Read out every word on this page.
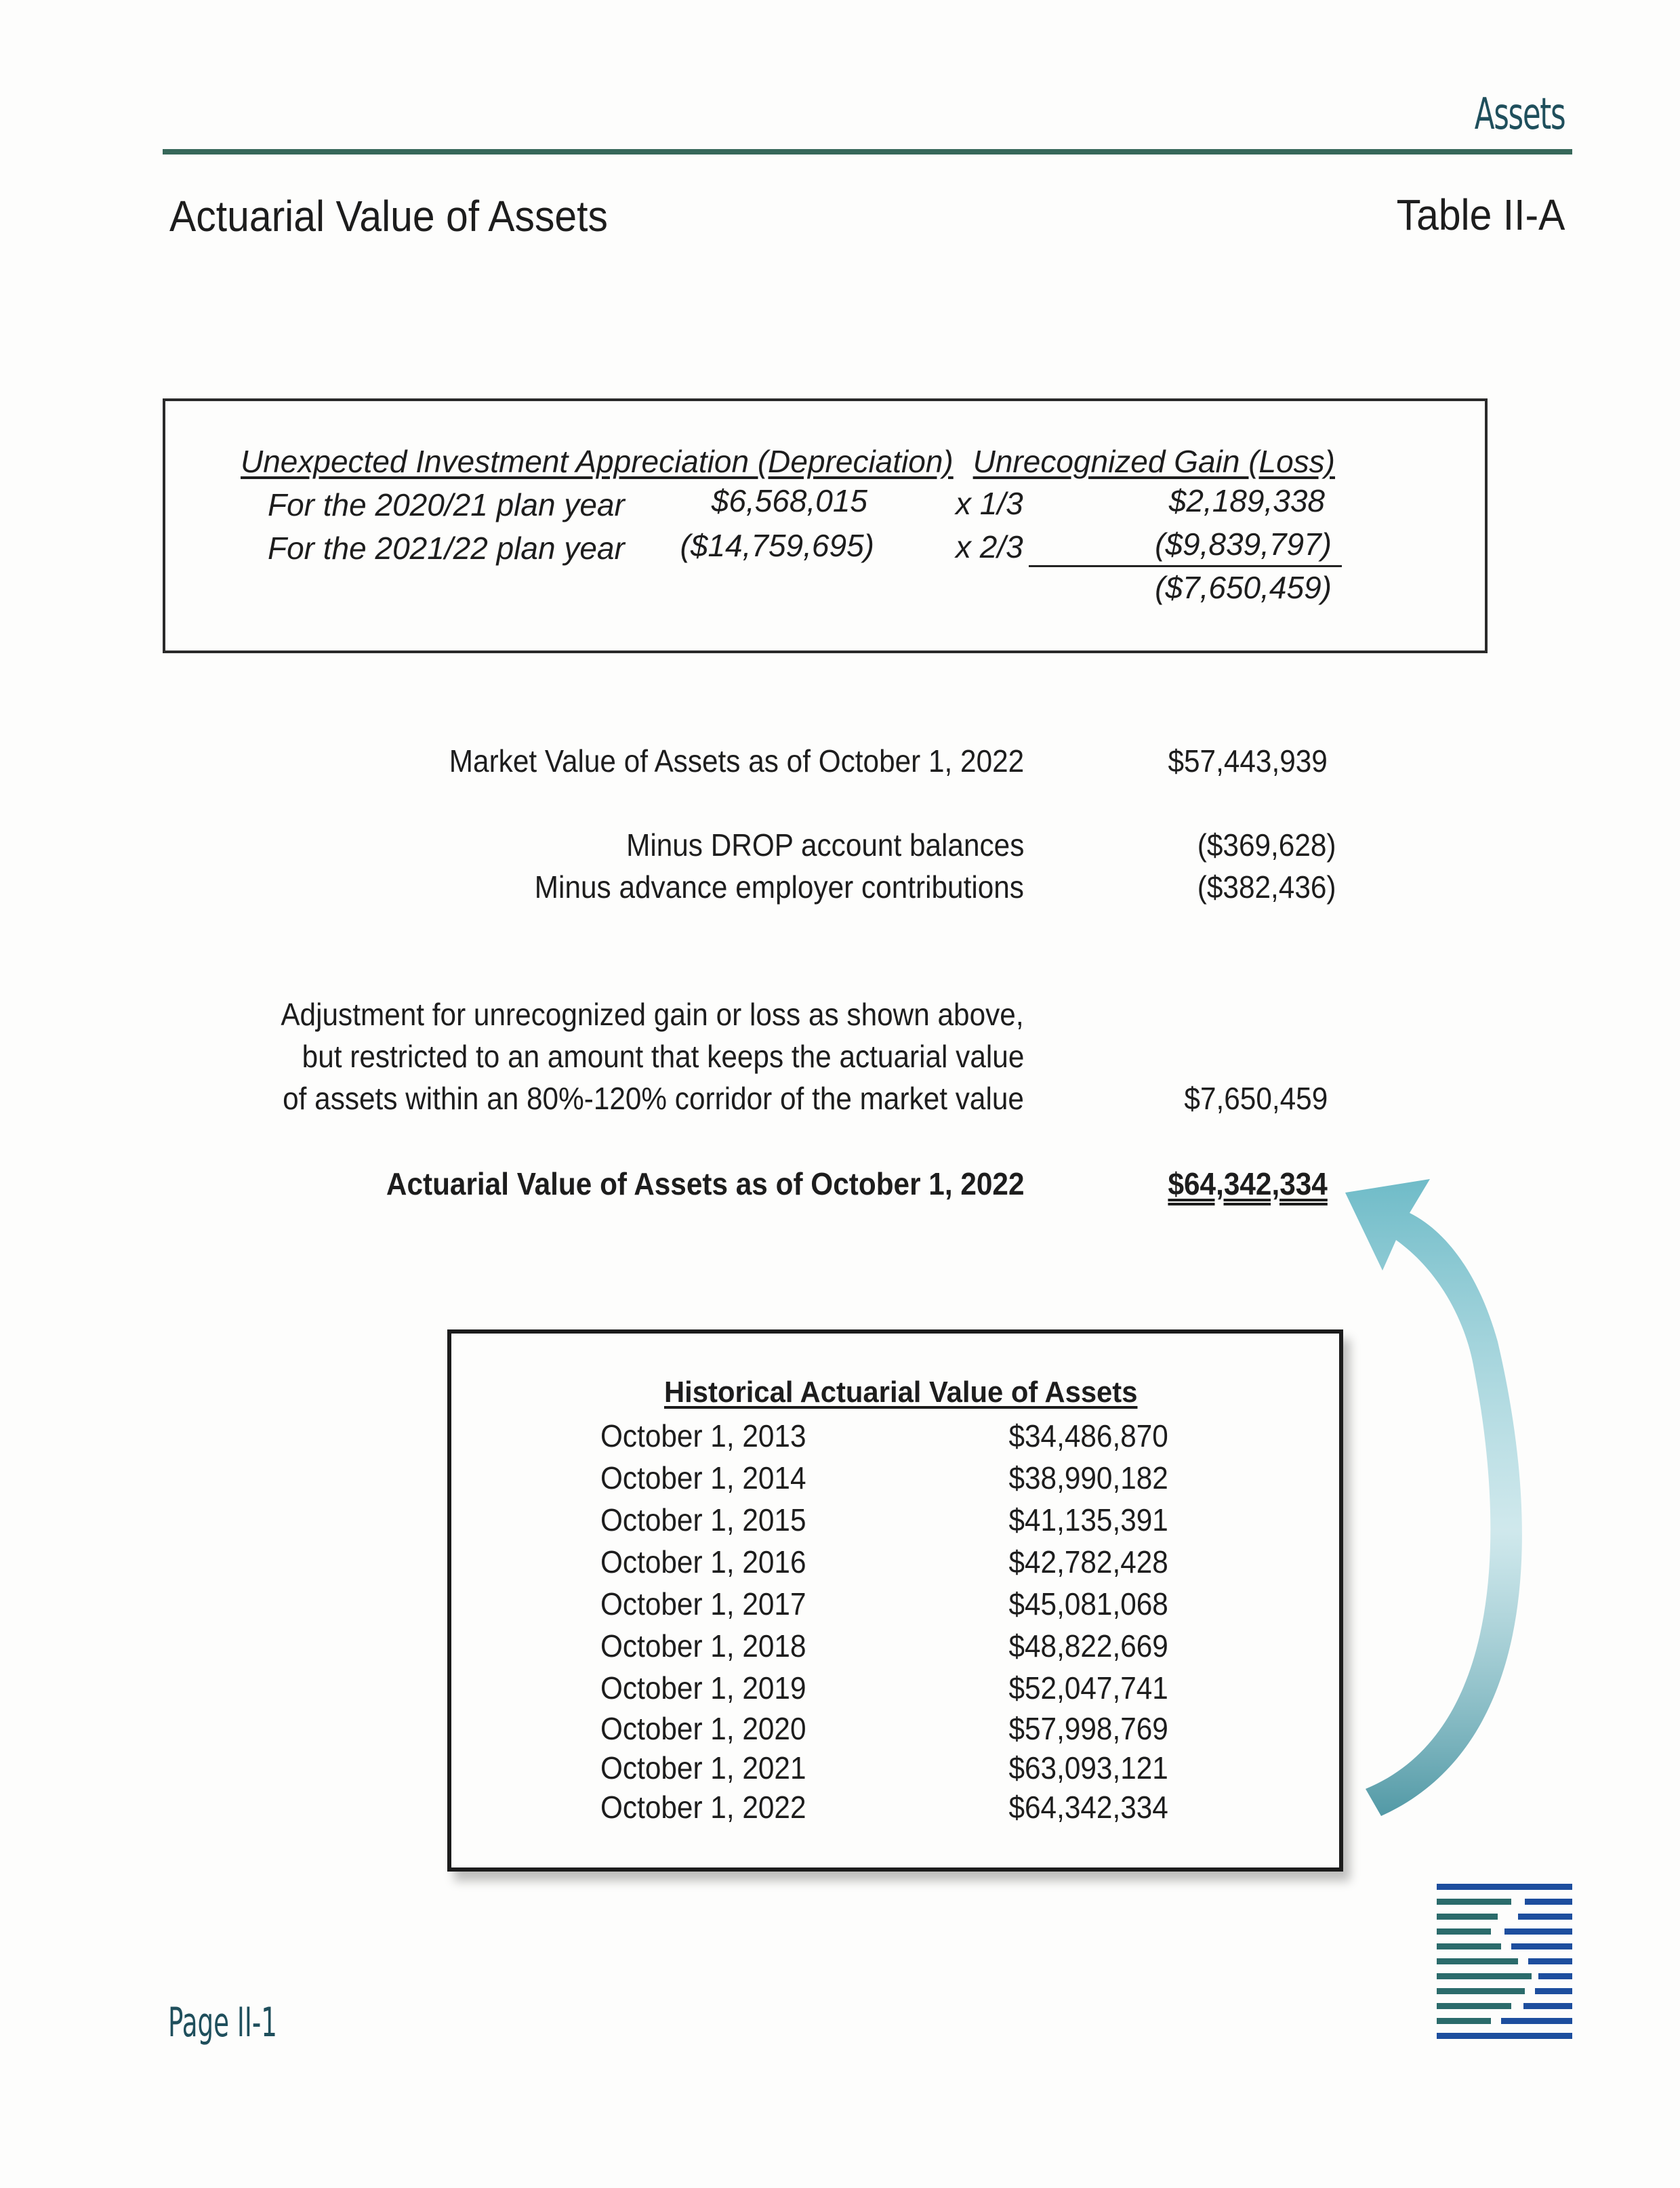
Assets
Actuarial Value of Assets	Table II-A
Unexpected Investment Appreciation (Depreciation) Unrecognized Gain (Loss)
For the 2020/21 plan year	$6,568,015	x 1/3	$2,189,338
For the 2021/22 plan year	($14,759,695)	x 2/3	($9,839,797)
($7,650,459)
Market Value of Assets as of October 1, 2022	$57,443,939
Minus DROP account balances	($369,628)
Minus advance employer contributions	($382,436)
Adjustment for unrecognized gain or loss as shown above,
but restricted to an amount that keeps the actuarial value
of assets within an 80%-120% corridor of the market value	$7,650,459
Actuarial Value of Assets as of October 1, 2022	$64,342,334
Historical Actuarial Value of Assets
October 1, 2013	$34,486,870
October 1, 2014	$38,990,182
October 1, 2015	$41,135,391
October 1, 2016	$42,782,428
October 1, 2017	$45,081,068
October 1, 2018	$48,822,669
October 1, 2019	$52,047,741
October 1, 2020	$57,998,769
October 1, 2021	$63,093,121
October 1, 2022	$64,342,334
Page II-1
